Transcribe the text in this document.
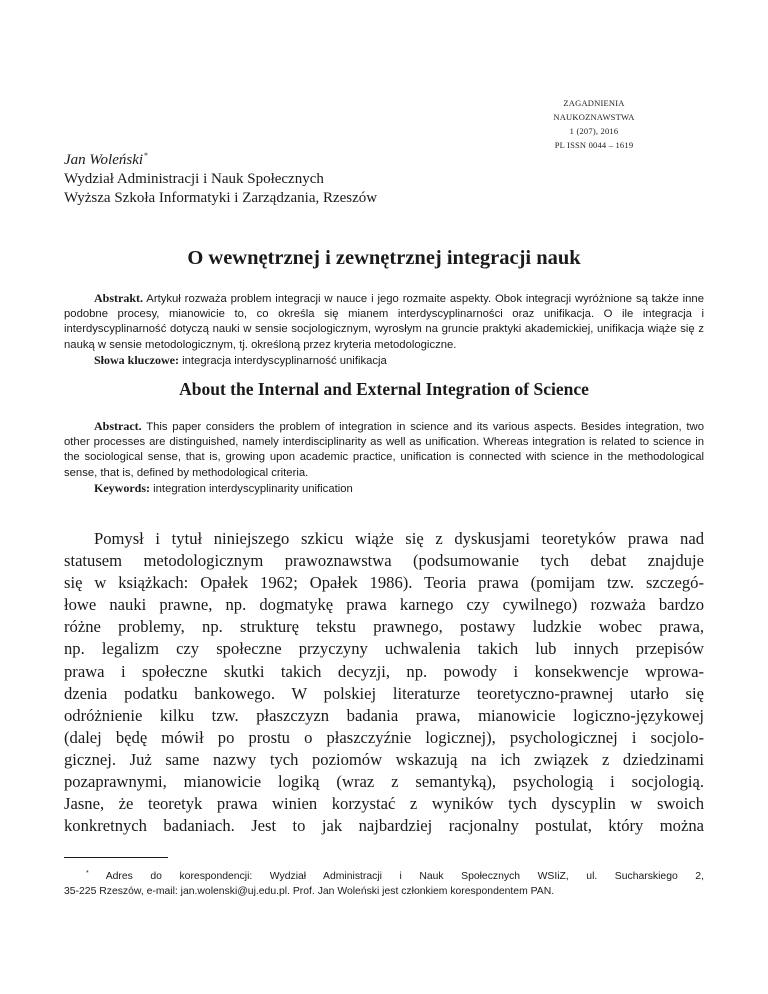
ZAGADNIENIA
NAUKOZNAWSTWA
1 (207), 2016
PL ISSN 0044 – 1619
Jan Woleński*
Wydział Administracji i Nauk Społecznych
Wyższa Szkoła Informatyki i Zarządzania, Rzeszów
O wewnętrznej i zewnętrznej integracji nauk

Abstrakt. Artykuł rozważa problem integracji w nauce i jego rozmaite aspekty. Obok integracji wyróżnione są także inne podobne procesy, mianowicie to, co określa się mianem interdyscyplinarności oraz unifikacja. O ile integracja i interdyscyplinarność dotyczą nauki w sensie socjologicznym, wyrosłym na gruncie praktyki akademickiej, unifikacja wiąże się z nauką w sensie metodologicznym, tj. określoną przez kryteria metodologiczne.

Słowa kluczowe: integracja interdyscyplinarność unifikacja
About the Internal and External Integration of Science

Abstract. This paper considers the problem of integration in science and its various aspects. Besides integration, two other processes are distinguished, namely interdisciplinarity as well as unification. Whereas integration is related to science in the sociological sense, that is, growing upon academic practice, unification is connected with science in the methodological sense, that is, defined by methodological criteria.

Keywords: integration interdyscyplinarity unification
Pomysł i tytuł niniejszego szkicu wiąże się z dyskusjami teoretyków prawa nad
statusem metodologicznym prawoznawstwa (podsumowanie tych debat znajduje
się w książkach: Opałek 1962; Opałek 1986). Teoria prawa (pomijam tzw. szczegó-
łowe nauki prawne, np. dogmatykę prawa karnego czy cywilnego) rozważa bardzo
różne problemy, np. strukturę tekstu prawnego, postawy ludzkie wobec prawa,
np. legalizm czy społeczne przyczyny uchwalenia takich lub innych przepisów
prawa i społeczne skutki takich decyzji, np. powody i konsekwencje wprowa-
dzenia podatku bankowego. W polskiej literaturze teoretyczno-prawnej utarło się
odróżnienie kilku tzw. płaszczyzn badania prawa, mianowicie logiczno-językowej
(dalej będę mówił po prostu o płaszczyźnie logicznej), psychologicznej i socjolo-
gicznej. Już same nazwy tych poziomów wskazują na ich związek z dziedzinami
pozaprawnymi, mianowicie logiką (wraz z semantyką), psychologią i socjologią.
Jasne, że teoretyk prawa winien korzystać z wyników tych dyscyplin w swoich
konkretnych badaniach. Jest to jak najbardziej racjonalny postulat, który można
* Adres do korespondencji: Wydział Administracji i Nauk Społecznych WSIiZ, ul. Sucharskiego 2,
35-225 Rzeszów, e-mail: jan.wolenski@uj.edu.pl. Prof. Jan Woleński jest członkiem korespondentem PAN.
